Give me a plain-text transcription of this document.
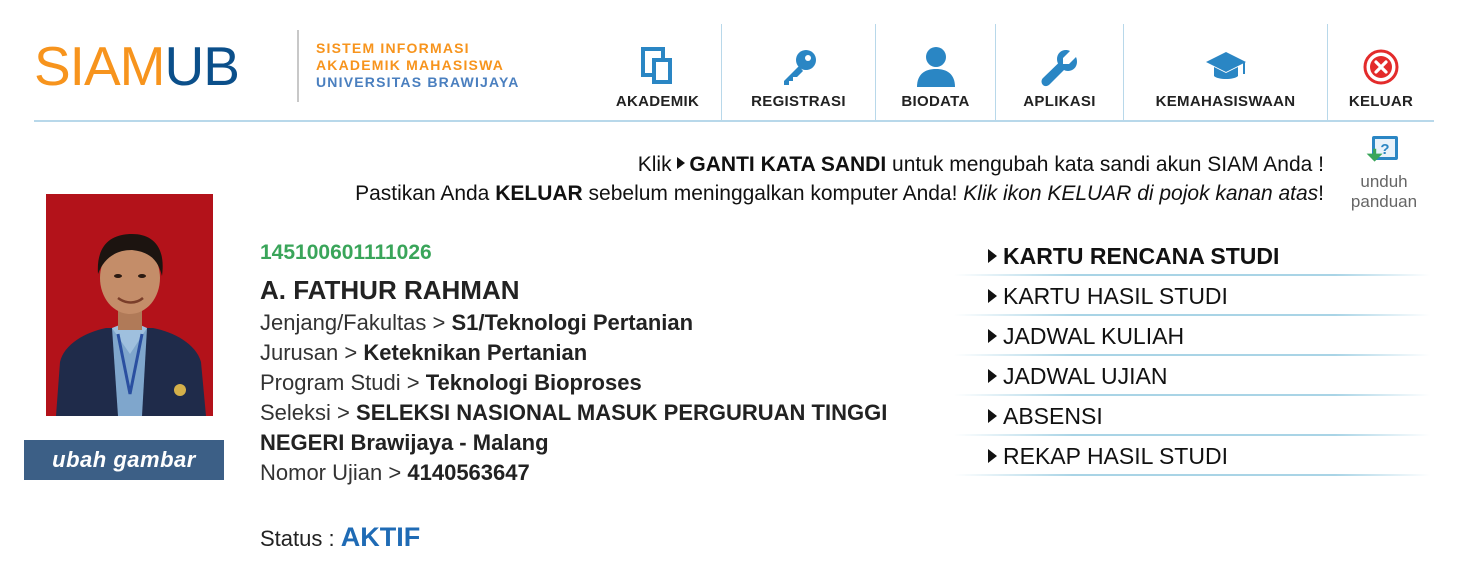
SIAMUB	SISTEM INFORMASI
AKADEMIK MAHASISWA
UNIVERSITAS BRAWIJAYA
AKADEMIK	REGISTRASI	BIODATA	APLIKASI	KEMAHASISWAAN	KELUAR
Klik GANTI KATA SANDI untuk mengubah kata sandi akun SIAM Anda !
Pastikan Anda KELUAR sebelum meninggalkan komputer Anda! Klik ikon KELUAR di pojok kanan atas!
?
unduh
panduan
ubah gambar
145100601111026
A. FATHUR RAHMAN
Jenjang/Fakultas > S1/Teknologi Pertanian
Jurusan > Keteknikan Pertanian
Program Studi > Teknologi Bioproses
Seleksi > SELEKSI NASIONAL MASUK PERGURUAN TINGGI NEGERI Brawijaya - Malang
Nomor Ujian > 4140563647
Status : AKTIF
KARTU RENCANA STUDI
KARTU HASIL STUDI
JADWAL KULIAH
JADWAL UJIAN
ABSENSI
REKAP HASIL STUDI
